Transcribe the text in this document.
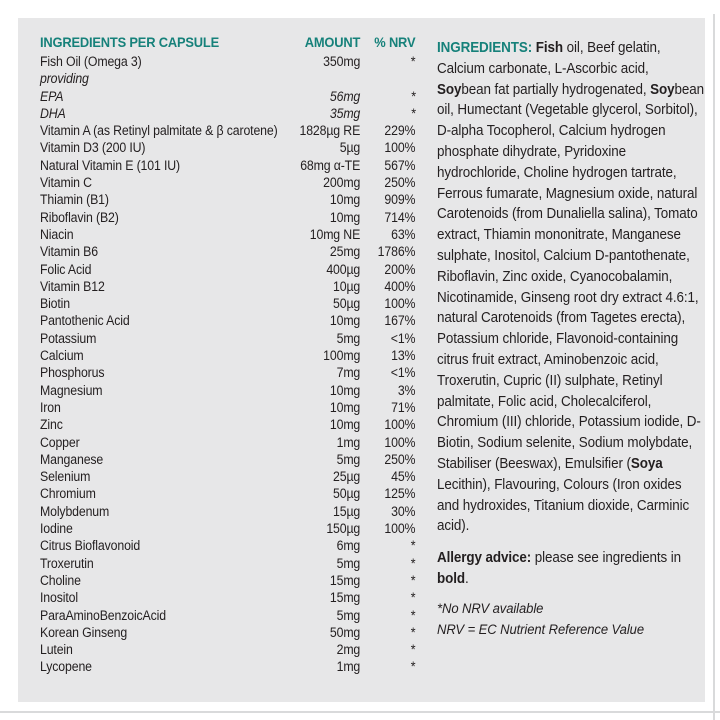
INGREDIENTS PER CAPSULE	AMOUNT	% NRV
Fish Oil (Omega 3)	350mg	*
providing
EPA	56mg	*
DHA	35mg	*
Vitamin A (as Retinyl palmitate & β carotene)	1828µg RE	229%
Vitamin D3 (200 IU)	5µg	100%
Natural Vitamin E (101 IU)	68mg α-TE	567%
Vitamin C	200mg	250%
Thiamin (B1)	10mg	909%
Riboflavin (B2)	10mg	714%
Niacin	10mg NE	63%
Vitamin B6	25mg	1786%
Folic Acid	400µg	200%
Vitamin B12	10µg	400%
Biotin	50µg	100%
Pantothenic Acid	10mg	167%
Potassium	5mg	<1%
Calcium	100mg	13%
Phosphorus	7mg	<1%
Magnesium	10mg	3%
Iron	10mg	71%
Zinc	10mg	100%
Copper	1mg	100%
Manganese	5mg	250%
Selenium	25µg	45%
Chromium	50µg	125%
Molybdenum	15µg	30%
Iodine	150µg	100%
Citrus Bioflavonoid	6mg	*
Troxerutin	5mg	*
Choline	15mg	*
Inositol	15mg	*
ParaAminoBenzoicAcid	5mg	*
Korean Ginseng	50mg	*
Lutein	2mg	*
Lycopene	1mg	*

INGREDIENTS: Fish oil, Beef gelatin, Calcium carbonate, L-Ascorbic acid, Soybean fat partially hydrogenated, Soybean oil, Humectant (Vegetable glycerol, Sorbitol), D-alpha Tocopherol, Calcium hydrogen phosphate dihydrate, Pyridoxine hydrochloride, Choline hydrogen tartrate, Ferrous fumarate, Magnesium oxide, natural Carotenoids (from Dunaliella salina), Tomato extract, Thiamin mononitrate, Manganese sulphate, Inositol, Calcium D-pantothenate, Riboflavin, Zinc oxide, Cyanocobalamin, Nicotinamide, Ginseng root dry extract 4.6:1, natural Carotenoids (from Tagetes erecta), Potassium chloride, Flavonoid-containing citrus fruit extract, Aminobenzoic acid, Troxerutin, Cupric (II) sulphate, Retinyl palmitate, Folic acid, Cholecalciferol, Chromium (III) chloride, Potassium iodide, D-Biotin, Sodium selenite, Sodium molybdate, Stabiliser (Beeswax), Emulsifier (Soya Lecithin), Flavouring, Colours (Iron oxides and hydroxides, Titanium dioxide, Carminic acid).

Allergy advice: please see ingredients in bold.

*No NRV available

NRV = EC Nutrient Reference Value
